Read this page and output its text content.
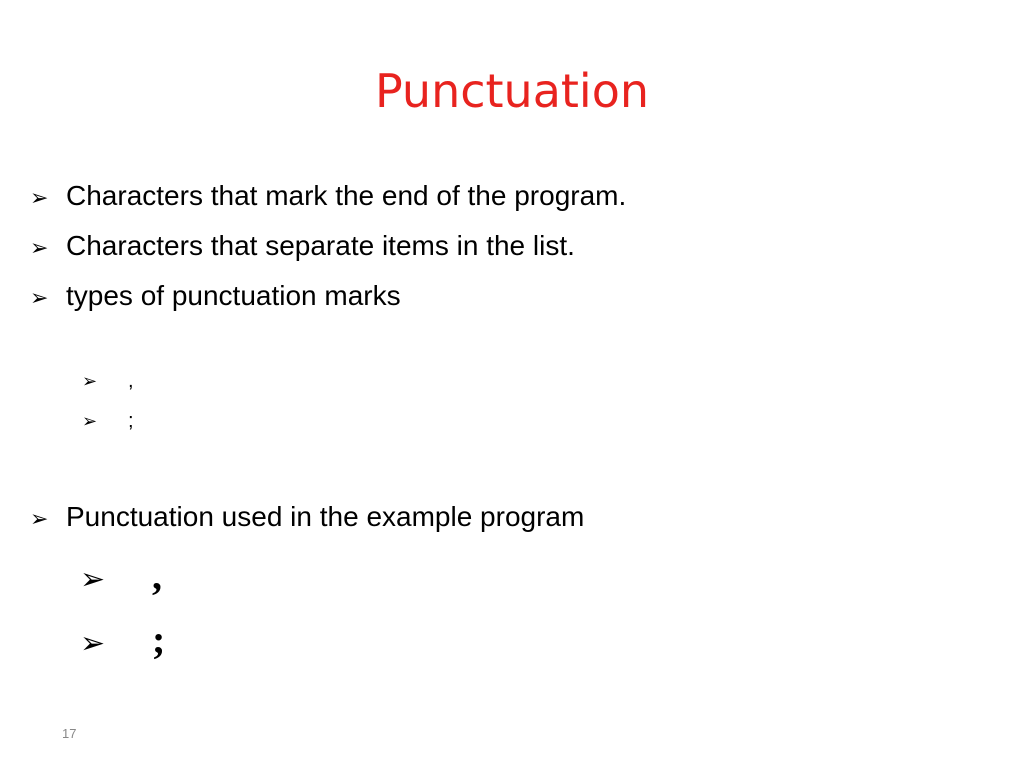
Punctuation
➢ Characters that mark the end of the program.
➢ Characters that separate items in the list.
➢ types of punctuation marks
➢	,
➢	;
➢ Punctuation used in the example program
➢	,
➢	;
17
